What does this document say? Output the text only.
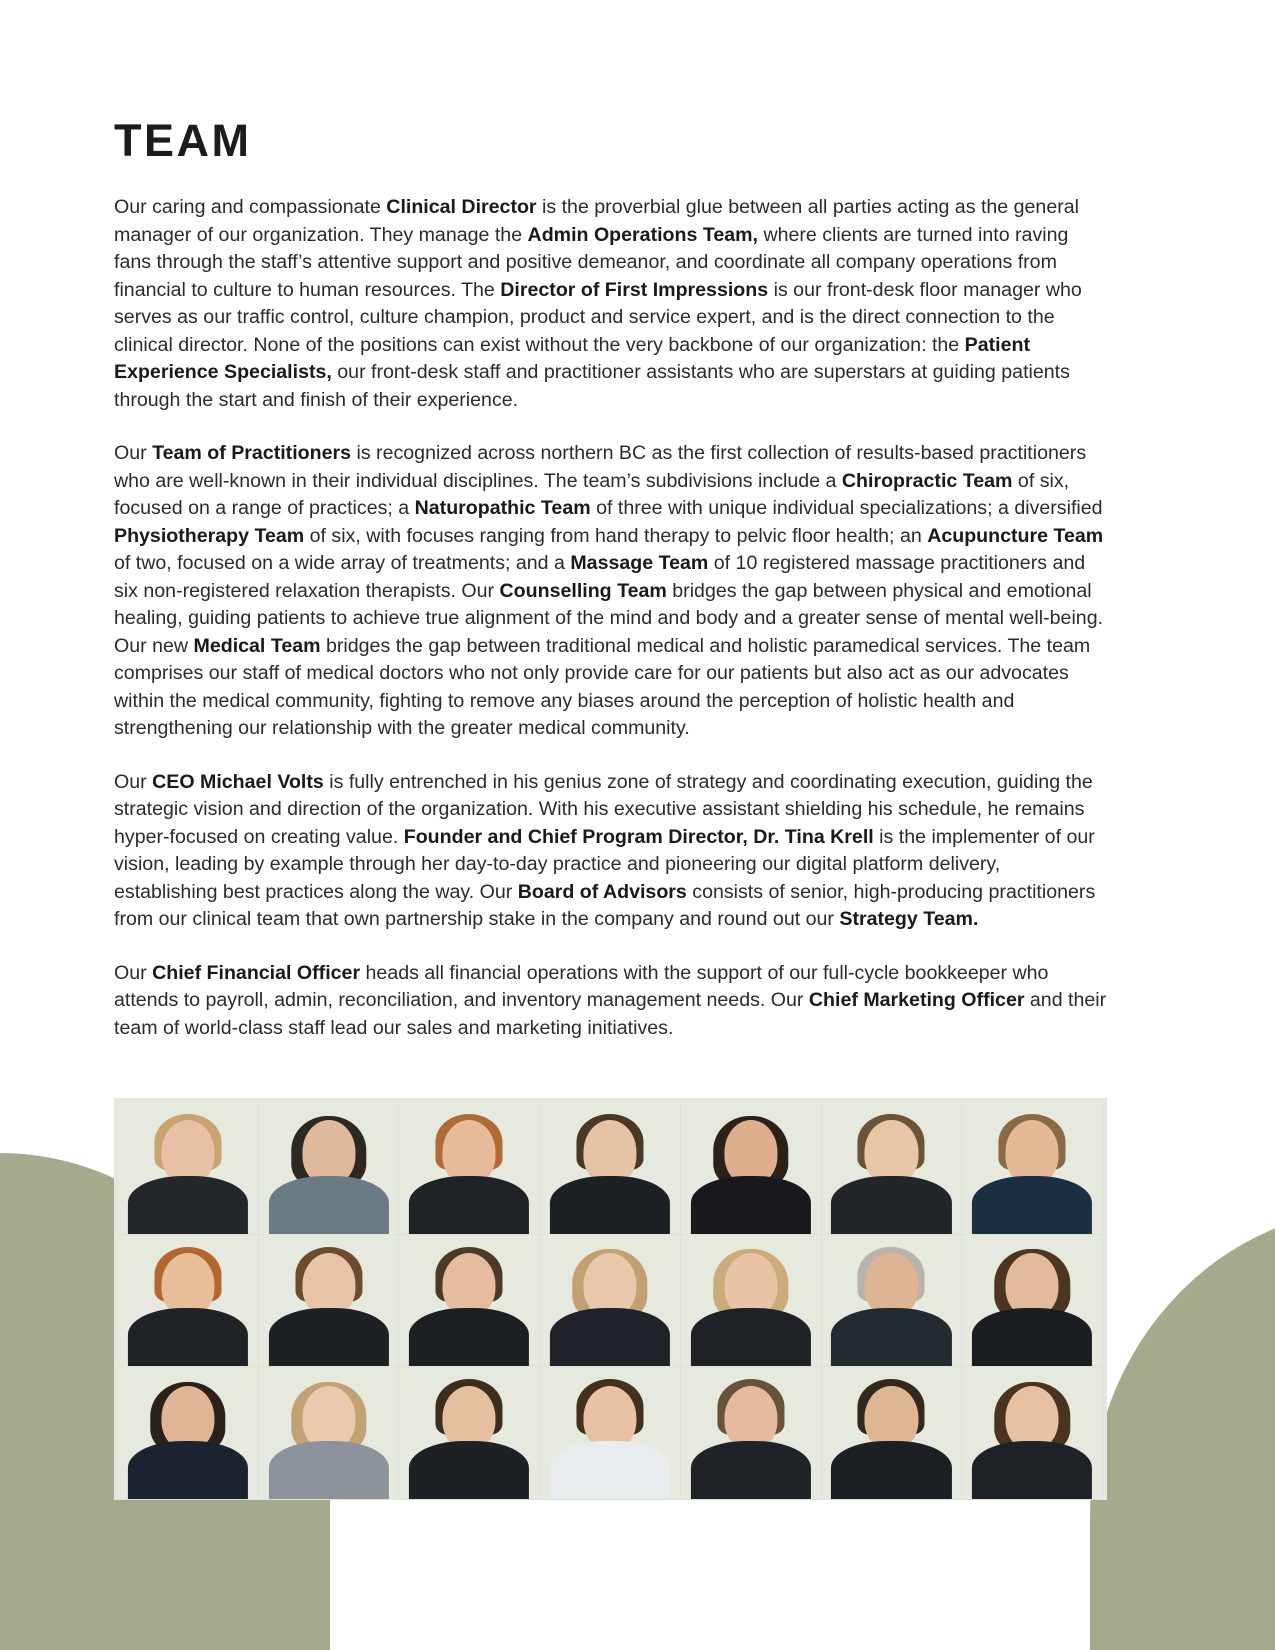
TEAM

Our caring and compassionate Clinical Director is the proverbial glue between all parties acting as the general manager of our organization. They manage the Admin Operations Team, where clients are turned into raving fans through the staff’s attentive support and positive demeanor, and coordinate all company operations from financial to culture to human resources. The Director of First Impressions is our front-desk floor manager who serves as our traffic control, culture champion, product and service expert, and is the direct connection to the clinical director. None of the positions can exist without the very backbone of our organization: the Patient Experience Specialists, our front-desk staff and practitioner assistants who are superstars at guiding patients through the start and finish of their experience.

Our Team of Practitioners is recognized across northern BC as the first collection of results-based practitioners who are well-known in their individual disciplines. The team’s subdivisions include a Chiropractic Team of six, focused on a range of practices; a Naturopathic Team of three with unique individual specializations; a diversified Physiotherapy Team of six, with focuses ranging from hand therapy to pelvic floor health; an Acupuncture Team of two, focused on a wide array of treatments; and a Massage Team of 10 registered massage practitioners and six non-registered relaxation therapists. Our Counselling Team bridges the gap between physical and emotional healing, guiding patients to achieve true alignment of the mind and body and a greater sense of mental well-being. Our new Medical Team bridges the gap between traditional medical and holistic paramedical services. The team comprises our staff of medical doctors who not only provide care for our patients but also act as our advocates within the medical community, fighting to remove any biases around the perception of holistic health and strengthening our relationship with the greater medical community.

Our CEO Michael Volts is fully entrenched in his genius zone of strategy and coordinating execution, guiding the strategic vision and direction of the organization. With his executive assistant shielding his schedule, he remains hyper-focused on creating value. Founder and Chief Program Director, Dr. Tina Krell is the implementer of our vision, leading by example through her day-to-day practice and pioneering our digital platform delivery, establishing best practices along the way. Our Board of Advisors consists of senior, high-producing practitioners from our clinical team that own partnership stake in the company and round out our Strategy Team.

Our Chief Financial Officer heads all financial operations with the support of our full-cycle bookkeeper who attends to payroll, admin, reconciliation, and inventory management needs. Our Chief Marketing Officer and their team of world-class staff lead our sales and marketing initiatives.
